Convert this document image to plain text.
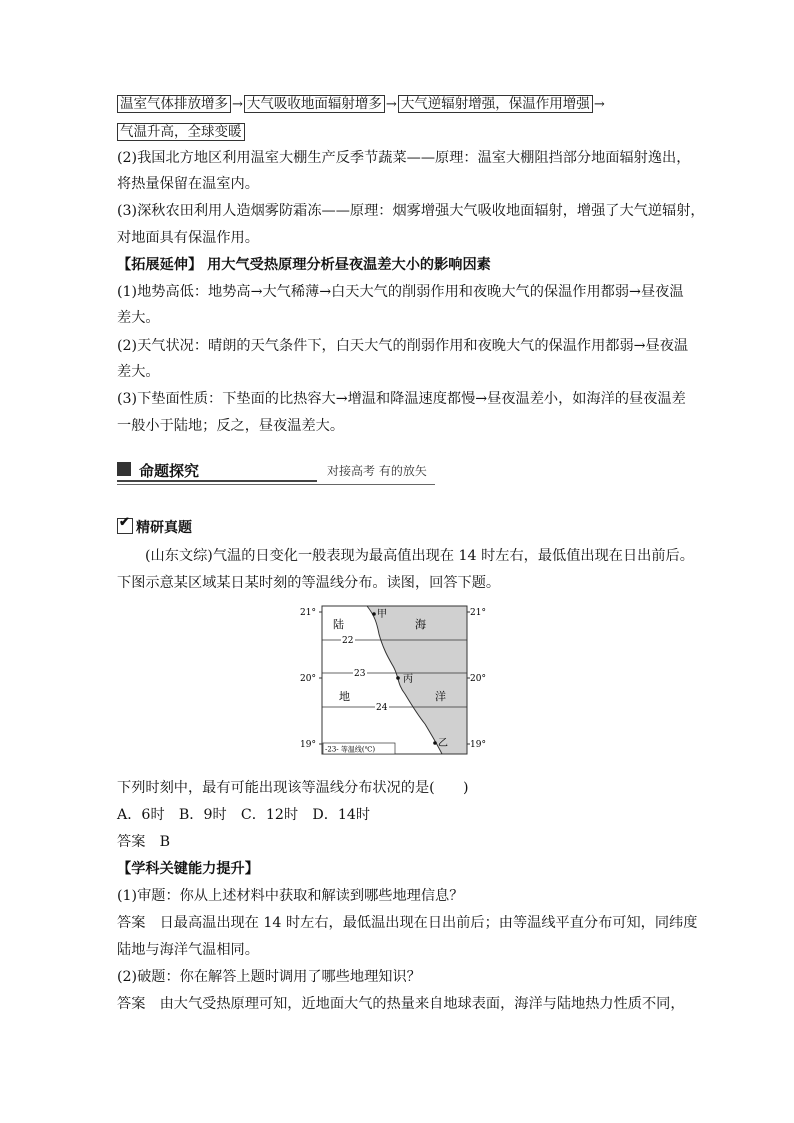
温室气体排放增多 → 大气吸收地面辐射增多 → 大气逆辐射增强，保温作用增强 →
气温升高，全球变暖
(2)我国北方地区利用温室大棚生产反季节蔬菜——原理：温室大棚阻挡部分地面辐射逸出，
将热量保留在温室内。
(3)深秋农田利用人造烟雾防霜冻——原理：烟雾增强大气吸收地面辐射，增强了大气逆辐射，
对地面具有保温作用。
【拓展延伸】 用大气受热原理分析昼夜温差大小的影响因素
(1)地势高低：地势高→大气稀薄→白天大气的削弱作用和夜晚大气的保温作用都弱→昼夜温
差大。
(2)天气状况：晴朗的天气条件下，白天大气的削弱作用和夜晚大气的保温作用都弱→昼夜温
差大。
(3)下垫面性质：下垫面的比热容大→增温和降温速度都慢→昼夜温差小，如海洋的昼夜温差
一般小于陆地；反之，昼夜温差大。
命题探究	对接高考 有的放矢
✔精研真题
(山东文综)气温的日变化一般表现为最高值出现在 14 时左右，最低值出现在日出前后。
下图示意某区域某日某时刻的等温线分布。读图，回答下题。
22
23
24
21°	21°
20°	20°
19°	19°
陆
地
海
洋
甲
丙
乙
-23- 等温线(℃)
下列时刻中，最有可能出现该等温线分布状况的是(　　)
A．6时　B．9时　C．12时　D．14时
答案　B
【学科关键能力提升】
(1)审题：你从上述材料中获取和解读到哪些地理信息？
答案　日最高温出现在 14 时左右，最低温出现在日出前后；由等温线平直分布可知，同纬度
陆地与海洋气温相同。
(2)破题：你在解答上题时调用了哪些地理知识？
答案　由大气受热原理可知，近地面大气的热量来自地球表面，海洋与陆地热力性质不同，
